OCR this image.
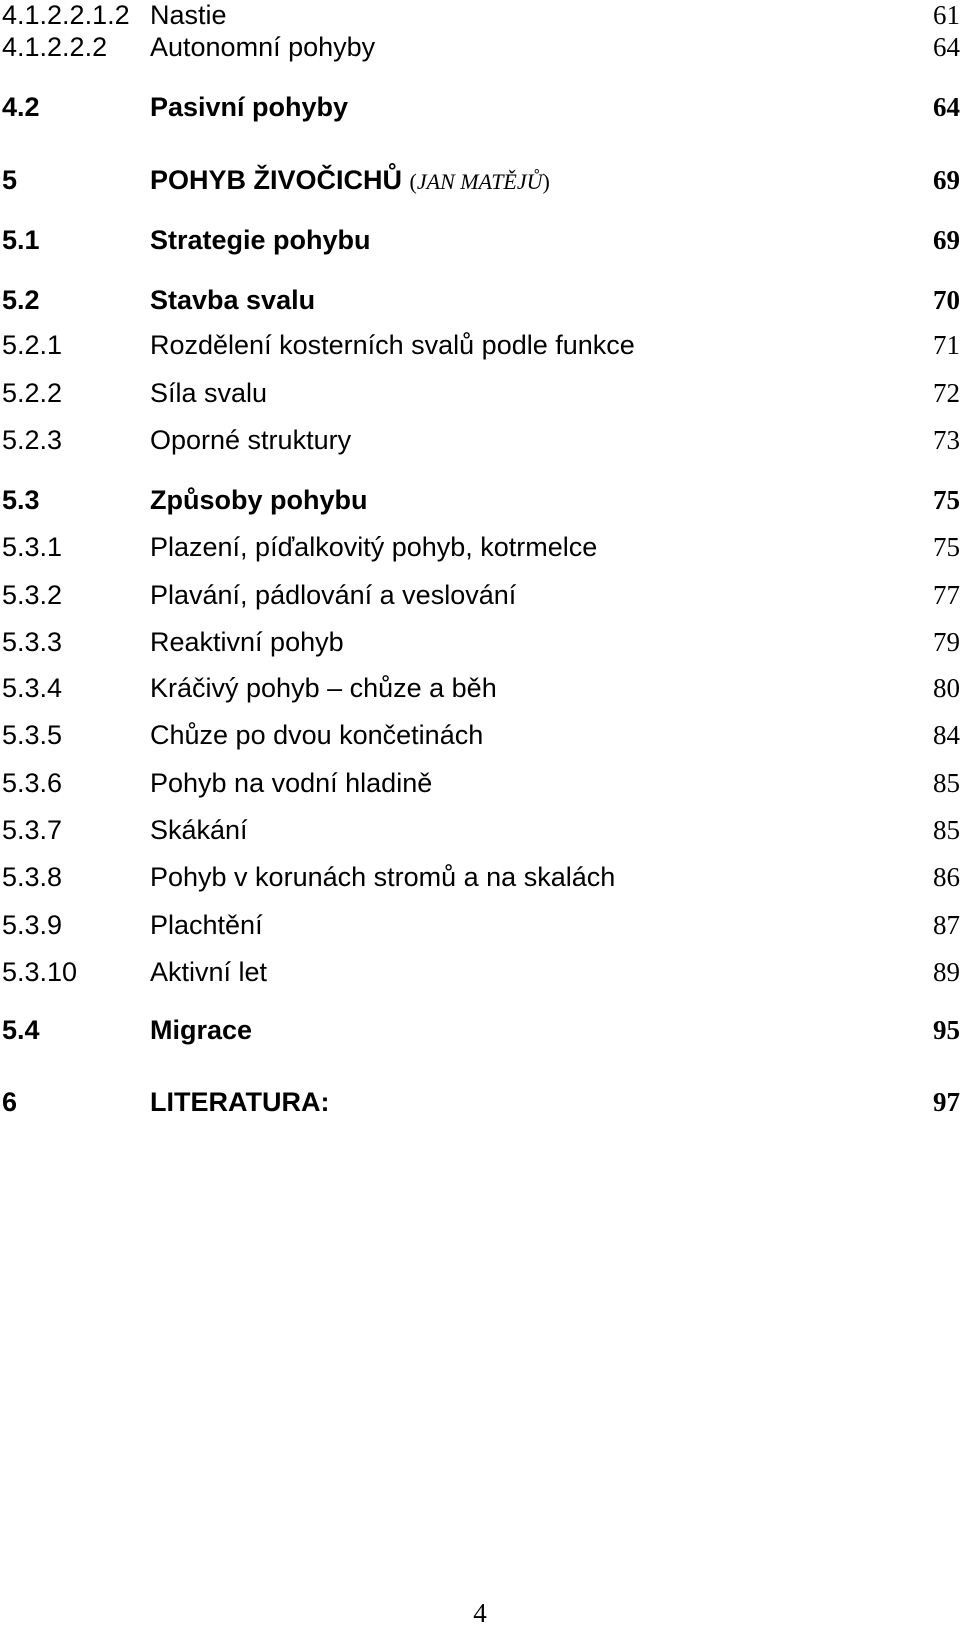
4.1.2.2.1.2 Nastie	61
4.1.2.2.2 Autonomní pohyby	64
4.2	Pasivní pohyby	64
5	POHYB ŽIVOČICHŮ (JAN MATĚJŮ)	69
5.1	Strategie pohybu	69
5.2	Stavba svalu	70
5.2.1	Rozdělení kosterních svalů podle funkce	71
5.2.2	Síla svalu	72
5.2.3	Oporné struktury	73
5.3	Způsoby pohybu	75
5.3.1	Plazení, píďalkovitý pohyb, kotrmelce	75
5.3.2	Plavání, pádlování a veslování	77
5.3.3	Reaktivní pohyb	79
5.3.4	Kráčivý pohyb – chůze a běh	80
5.3.5	Chůze po dvou končetinách	84
5.3.6	Pohyb na vodní hladině	85
5.3.7	Skákání	85
5.3.8	Pohyb v korunách stromů a na skalách	86
5.3.9	Plachtění	87
5.3.10	Aktivní let	89
5.4	Migrace	95
6	LITERATURA:	97
4
